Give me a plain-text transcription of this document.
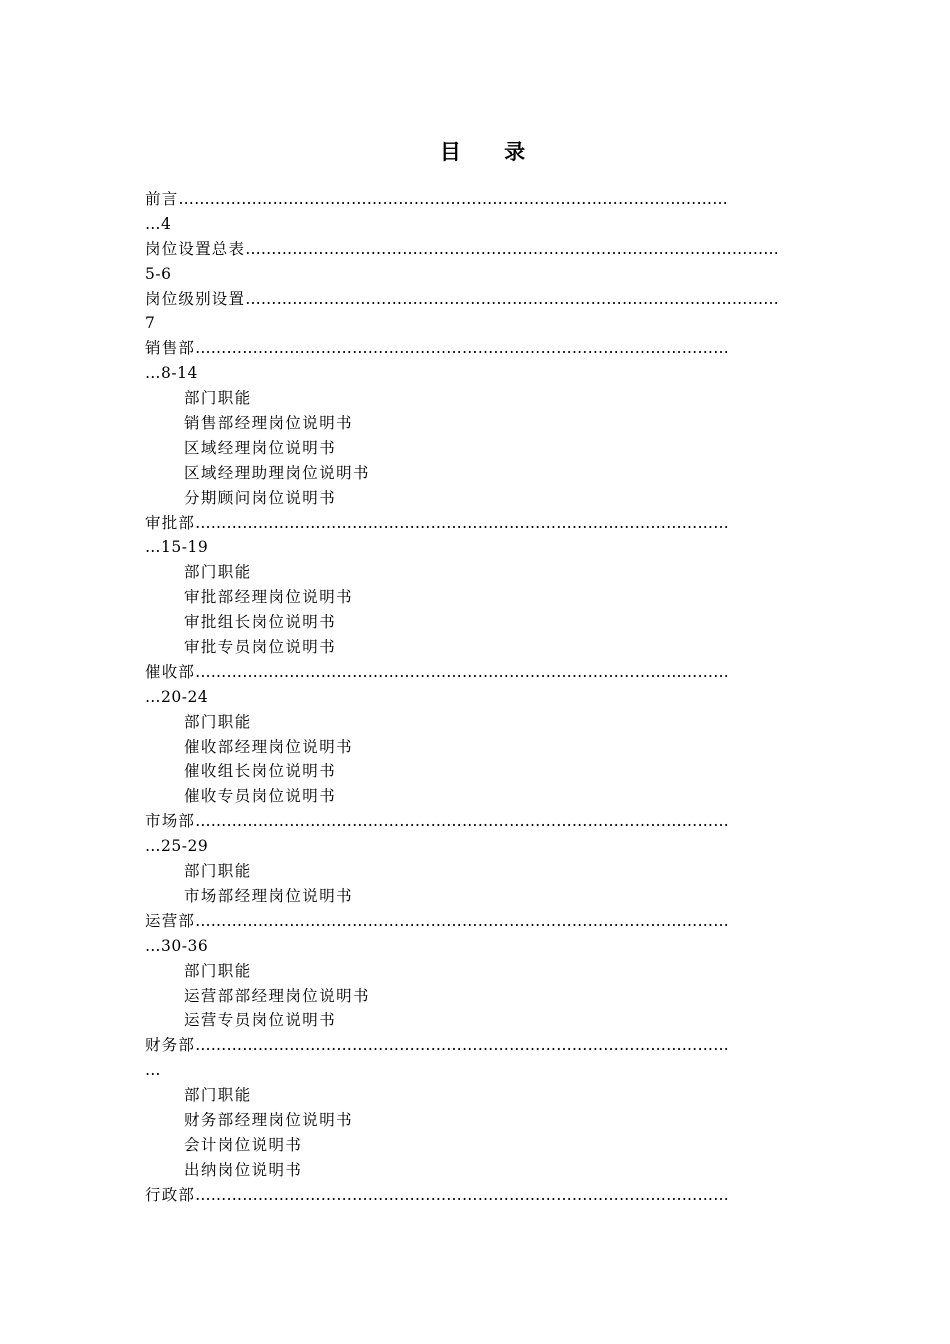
目 录
前言……………………………………………………………………………………………
…4
岗位设置总表…………………………………………………………………………………………
5-6
岗位级别设置…………………………………………………………………………………………
7
销售部…………………………………………………………………………………………
…8-14
部门职能
销售部经理岗位说明书
区域经理岗位说明书
区域经理助理岗位说明书
分期顾问岗位说明书
审批部…………………………………………………………………………………………
…15-19
部门职能
审批部经理岗位说明书
审批组长岗位说明书
审批专员岗位说明书
催收部…………………………………………………………………………………………
…20-24
部门职能
催收部经理岗位说明书
催收组长岗位说明书
催收专员岗位说明书
市场部…………………………………………………………………………………………
…25-29
部门职能
市场部经理岗位说明书
运营部…………………………………………………………………………………………
…30-36
部门职能
运营部部经理岗位说明书
运营专员岗位说明书
财务部…………………………………………………………………………………………
…
部门职能
财务部经理岗位说明书
会计岗位说明书
出纳岗位说明书
行政部…………………………………………………………………………………………
